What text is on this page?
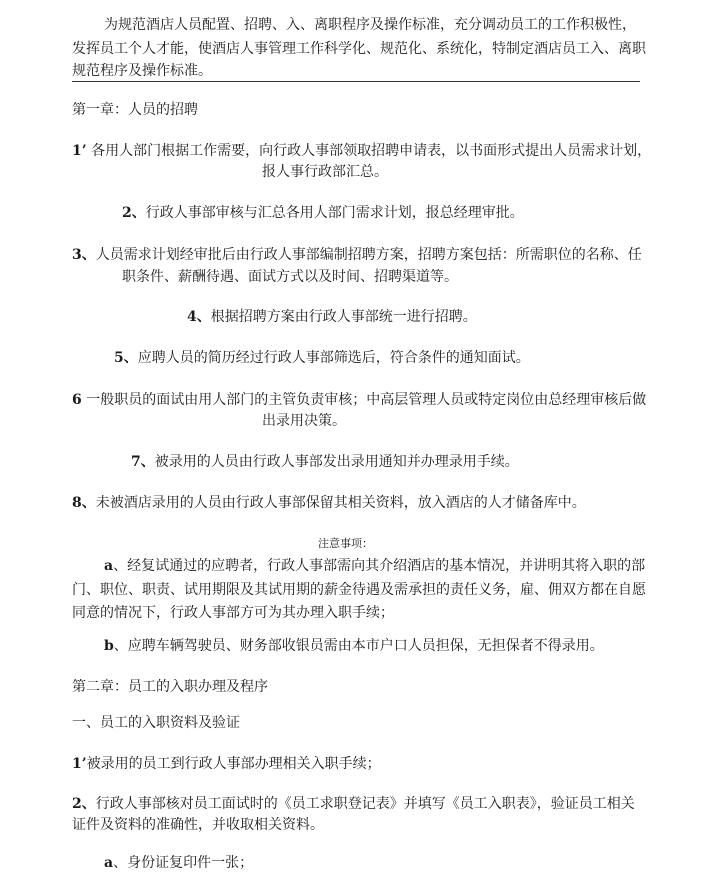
为规范酒店人员配置、招聘、入、离职程序及操作标准，充分调动员工的工作积极性，
发挥员工个人才能，使酒店人事管理工作科学化、规范化、系统化，特制定酒店员工入、离职
规范程序及操作标准。
第一章：人员的招聘
1’ 各用人部门根据工作需要，向行政人事部领取招聘申请表，以书面形式提出人员需求计划，
报人事行政部汇总。
2、行政人事部审核与汇总各用人部门需求计划，报总经理审批。
3、人员需求计划经审批后由行政人事部编制招聘方案，招聘方案包括：所需职位的名称、任
职条件、薪酬待遇、面试方式以及时间、招聘渠道等。
4、根据招聘方案由行政人事部统一进行招聘。
5、应聘人员的简历经过行政人事部筛选后，符合条件的通知面试。
6 一般职员的面试由用人部门的主管负责审核；中高层管理人员或特定岗位由总经理审核后做
出录用决策。
7、被录用的人员由行政人事部发出录用通知并办理录用手续。
8、未被酒店录用的人员由行政人事部保留其相关资料，放入酒店的人才储备库中。
注意事项：
a、经复试通过的应聘者，行政人事部需向其介绍酒店的基本情况，并讲明其将入职的部
门、职位、职责、试用期限及其试用期的薪金待遇及需承担的责任义务，雇、佣双方都在自愿
同意的情况下，行政人事部方可为其办理入职手续；
b、应聘车辆驾驶员、财务部收银员需由本市户口人员担保，无担保者不得录用。
第二章：员工的入职办理及程序
一、员工的入职资料及验证
1’被录用的员工到行政人事部办理相关入职手续；
2、行政人事部核对员工面试时的《员工求职登记表》并填写《员工入职表》，验证员工相关
证件及资料的准确性，并收取相关资料。
a、身份证复印件一张；
